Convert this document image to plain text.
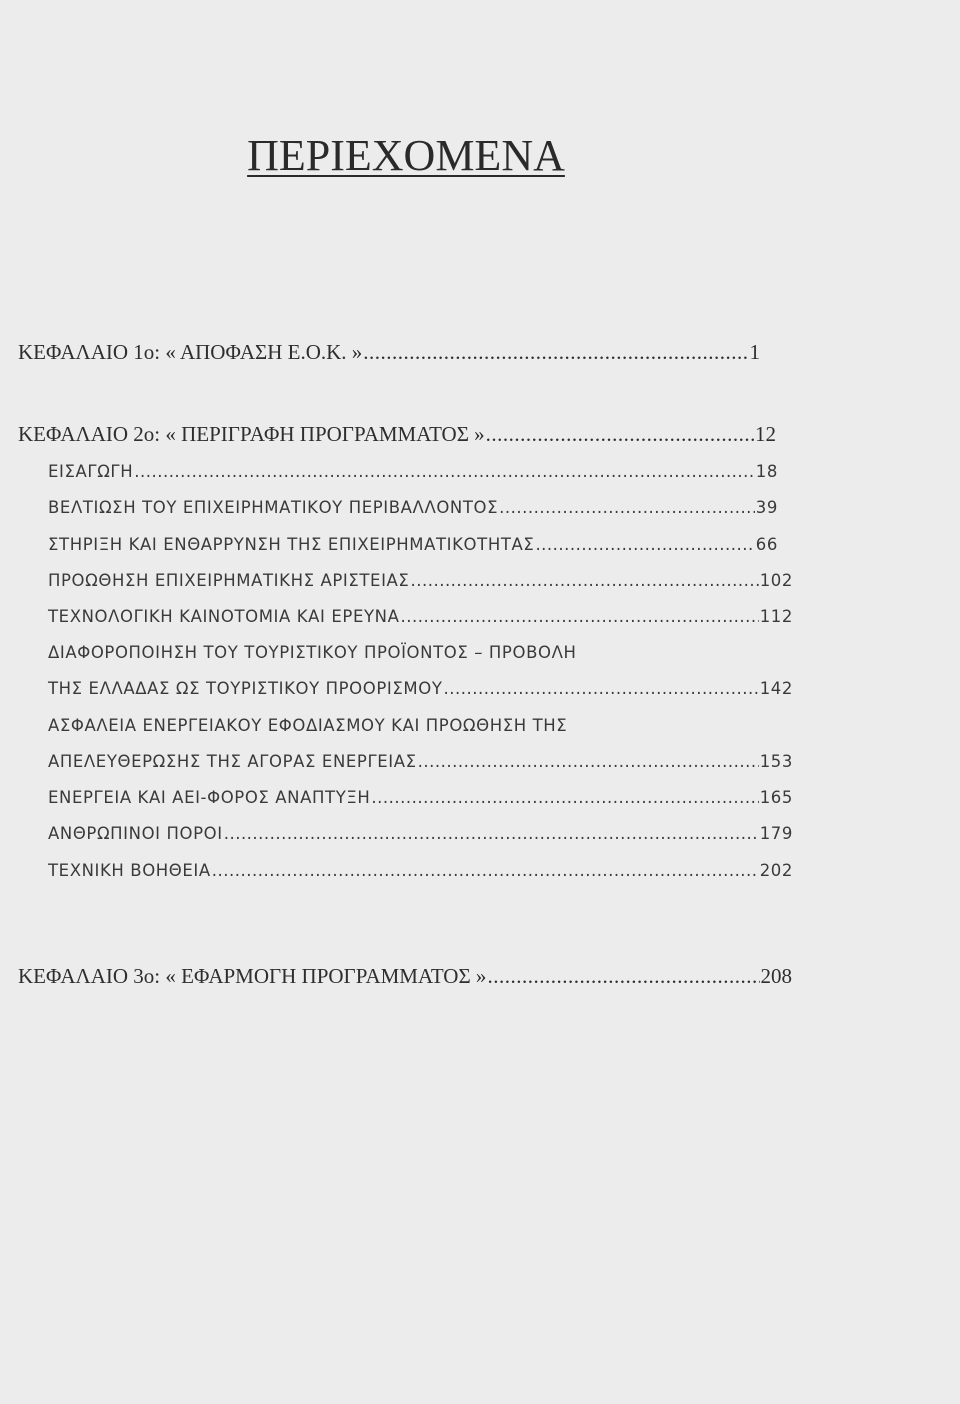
ΠΕΡΙΕΧΟΜΕΝΑ
ΚΕΦΑΛΑΙΟ 1ο: « ΑΠΟΦΑΣΗ Ε.Ο.Κ. » .....	1
ΚΕΦΑΛΑΙΟ 2ο: « ΠΕΡΙΓΡΑΦΗ ΠΡΟΓΡΑΜΜΑΤΟΣ » .....	12
ΕΙΣΑΓΩΓΗ .....	18
ΒΕΛΤΙΩΣΗ ΤΟΥ ΕΠΙΧΕΙΡΗΜΑΤΙΚΟΥ ΠΕΡΙΒΑΛΛΟΝΤΟΣ .....	39
ΣΤΗΡΙΞΗ ΚΑΙ ΕΝΘΑΡΡΥΝΣΗ ΤΗΣ ΕΠΙΧΕΙΡΗΜΑΤΙΚΟΤΗΤΑΣ .....	66
ΠΡΟΩΘΗΣΗ ΕΠΙΧΕΙΡΗΜΑΤΙΚΗΣ ΑΡΙΣΤΕΙΑΣ .....	102
ΤΕΧΝΟΛΟΓΙΚΗ ΚΑΙΝΟΤΟΜΙΑ ΚΑΙ ΕΡΕΥΝΑ .....	112
ΔΙΑΦΟΡΟΠΟΙΗΣΗ ΤΟΥ ΤΟΥΡΙΣΤΙΚΟΥ ΠΡΟΪΟΝΤΟΣ – ΠΡΟΒΟΛΗ
ΤΗΣ ΕΛΛΑΔΑΣ ΩΣ ΤΟΥΡΙΣΤΙΚΟΥ ΠΡΟΟΡΙΣΜΟΥ .....	142
ΑΣΦΑΛΕΙΑ ΕΝΕΡΓΕΙΑΚΟΥ ΕΦΟΔΙΑΣΜΟΥ ΚΑΙ ΠΡΟΩΘΗΣΗ ΤΗΣ
ΑΠΕΛΕΥΘΕΡΩΣΗΣ ΤΗΣ ΑΓΟΡΑΣ ΕΝΕΡΓΕΙΑΣ .....	153
ΕΝΕΡΓΕΙΑ ΚΑΙ ΑΕΙ-ΦΟΡΟΣ ΑΝΑΠΤΥΞΗ .....	165
ΑΝΘΡΩΠΙΝΟΙ ΠΟΡΟΙ .....	179
ΤΕΧΝΙΚΗ ΒΟΗΘΕΙΑ .....	202
ΚΕΦΑΛΑΙΟ 3ο: « ΕΦΑΡΜΟΓΗ ΠΡΟΓΡΑΜΜΑΤΟΣ » .....	208
